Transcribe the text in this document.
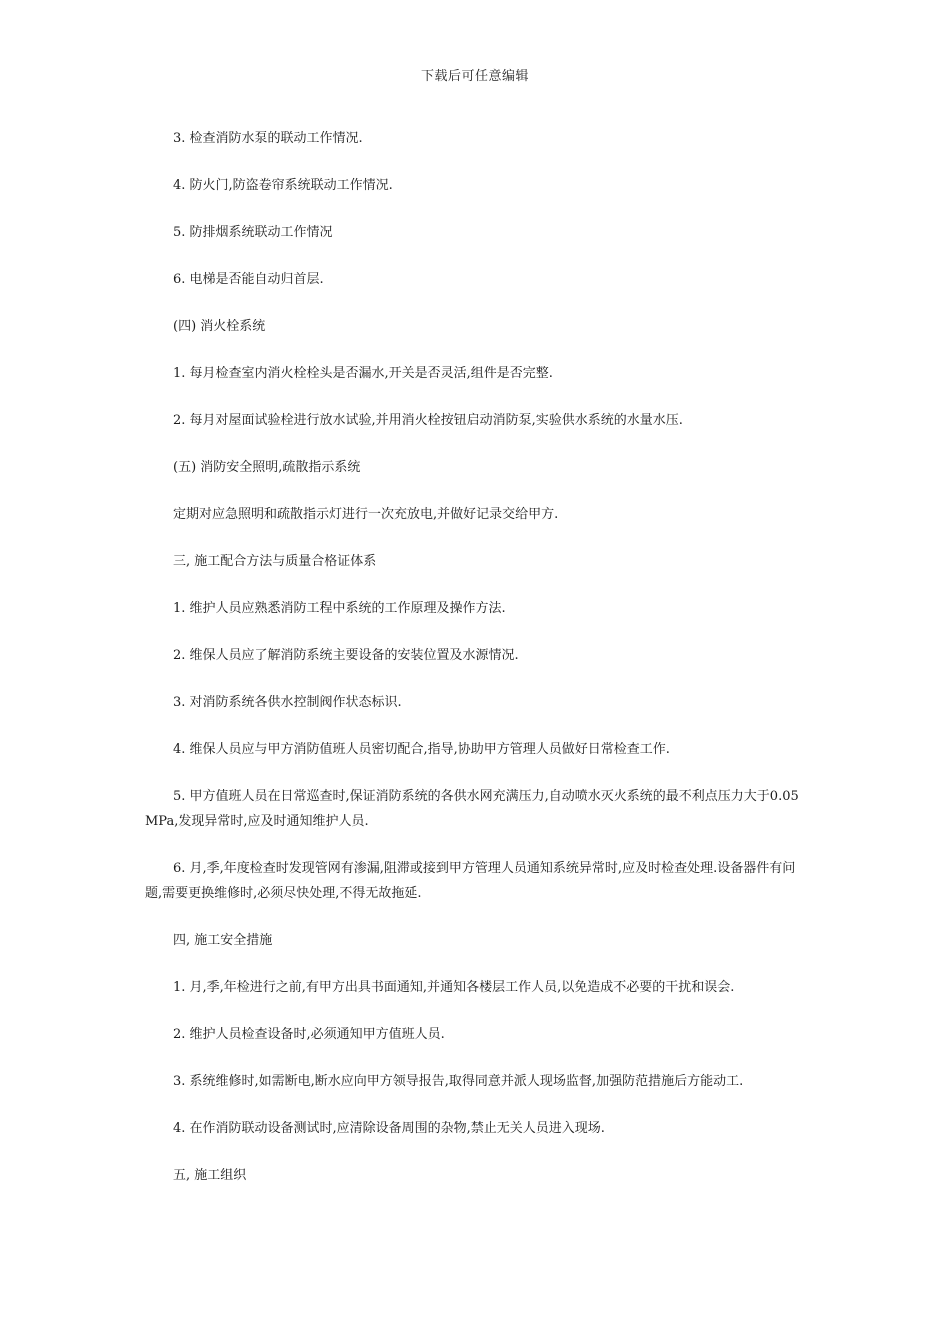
下载后可任意编辑

3. 检查消防水泵的联动工作情况.

4. 防火门,防盗卷帘系统联动工作情况.

5. 防排烟系统联动工作情况

6. 电梯是否能自动归首层.

(四) 消火栓系统

1. 每月检查室内消火栓栓头是否漏水,开关是否灵活,组件是否完整.

2. 每月对屋面试验栓进行放水试验,并用消火栓按钮启动消防泵,实验供水系统的水量水压.

(五) 消防安全照明,疏散指示系统

定期对应急照明和疏散指示灯进行一次充放电,并做好记录交给甲方.

三, 施工配合方法与质量合格证体系

1. 维护人员应熟悉消防工程中系统的工作原理及操作方法.

2. 维保人员应了解消防系统主要设备的安装位置及水源情况.

3. 对消防系统各供水控制阀作状态标识.

4. 维保人员应与甲方消防值班人员密切配合,指导,协助甲方管理人员做好日常检查工作.

5. 甲方值班人员在日常巡查时,保证消防系统的各供水网充满压力,自动喷水灭火系统的最不利点压力大于0.05MPa,发现异常时,应及时通知维护人员.

6. 月,季,年度检查时发现管网有渗漏,阻滞或接到甲方管理人员通知系统异常时,应及时检查处理.设备器件有问题,需要更换维修时,必须尽快处理,不得无故拖延.

四, 施工安全措施

1. 月,季,年检进行之前,有甲方出具书面通知,并通知各楼层工作人员,以免造成不必要的干扰和误会.

2. 维护人员检查设备时,必须通知甲方值班人员.

3. 系统维修时,如需断电,断水应向甲方领导报告,取得同意并派人现场监督,加强防范措施后方能动工.

4. 在作消防联动设备测试时,应清除设备周围的杂物,禁止无关人员进入现场.

五, 施工组织
